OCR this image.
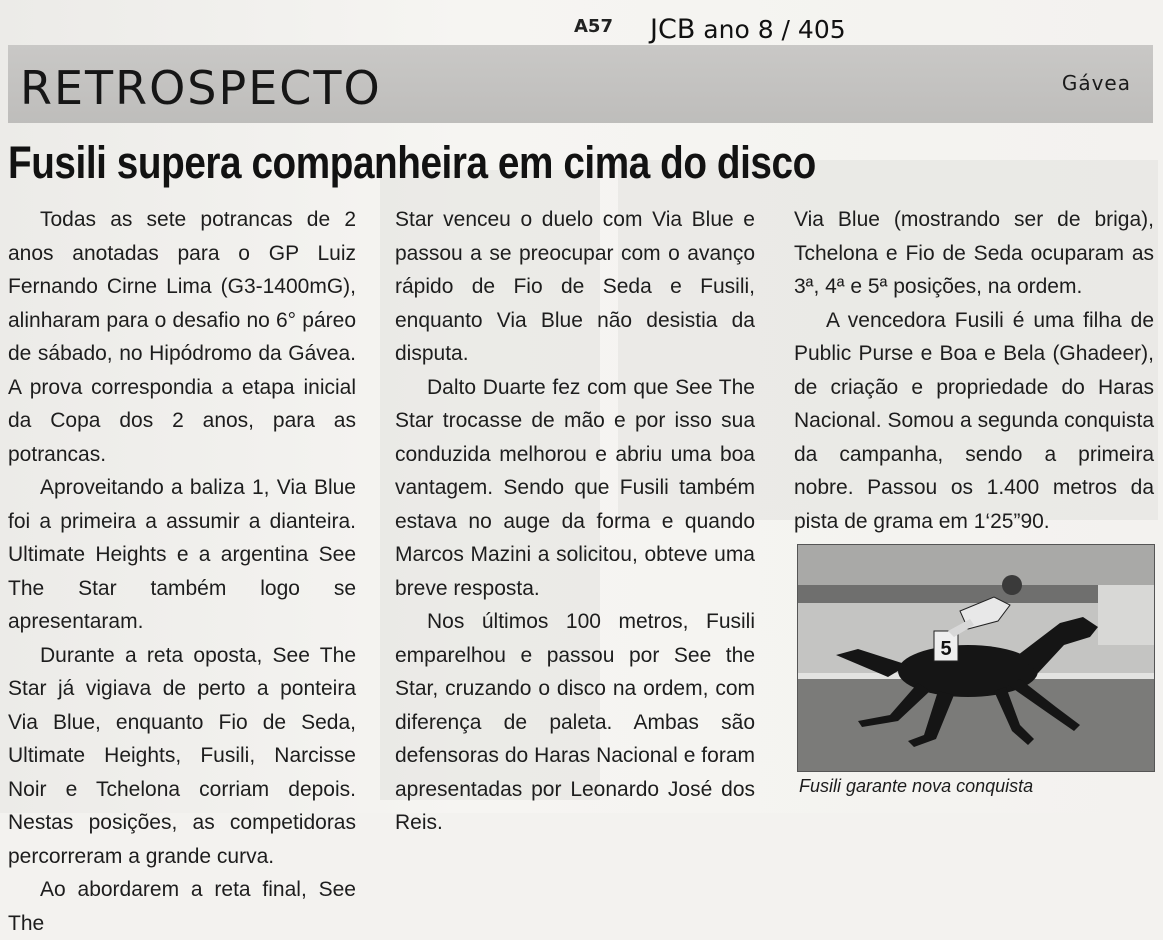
A57 JCB ano 8 / 405
RETROSPECTO	Gávea
Fusili supera companheira em cima do disco

Todas as sete potrancas de 2 anos anotadas para o GP Luiz Fernando Cirne Lima (G3-1400mG), alinharam para o desafio no 6° páreo de sábado, no Hipódromo da Gávea. A prova correspondia a etapa inicial da Copa dos 2 anos, para as potrancas.

Aproveitando a baliza 1, Via Blue foi a primeira a assumir a dianteira. Ultimate Heights e a argentina See The Star também logo se apresentaram.

Durante a reta oposta, See The Star já vigiava de perto a ponteira Via Blue, enquanto Fio de Seda, Ultimate Heights, Fusili, Narcisse Noir e Tchelona corriam depois. Nestas posições, as competidoras percorreram a grande curva.

Ao abordarem a reta final, See The

Star venceu o duelo com Via Blue e passou a se preocupar com o avanço rápido de Fio de Seda e Fusili, enquanto Via Blue não desistia da disputa.

Dalto Duarte fez com que See The Star trocasse de mão e por isso sua conduzida melhorou e abriu uma boa vantagem. Sendo que Fusili também estava no auge da forma e quando Marcos Mazini a solicitou, obteve uma breve resposta.

Nos últimos 100 metros, Fusili emparelhou e passou por See the Star, cruzando o disco na ordem, com diferença de paleta. Ambas são defensoras do Haras Nacional e foram apresentadas por Leonardo José dos Reis.

Via Blue (mostrando ser de briga), Tchelona e Fio de Seda ocuparam as 3ª, 4ª e 5ª posições, na ordem.

A vencedora Fusili é uma filha de Public Purse e Boa e Bela (Ghadeer), de criação e propriedade do Haras Nacional. Somou a segunda conquista da campanha, sendo a primeira nobre. Passou os 1.400 metros da pista de grama em 1‘25”90.

5
Fusili garante nova conquista
